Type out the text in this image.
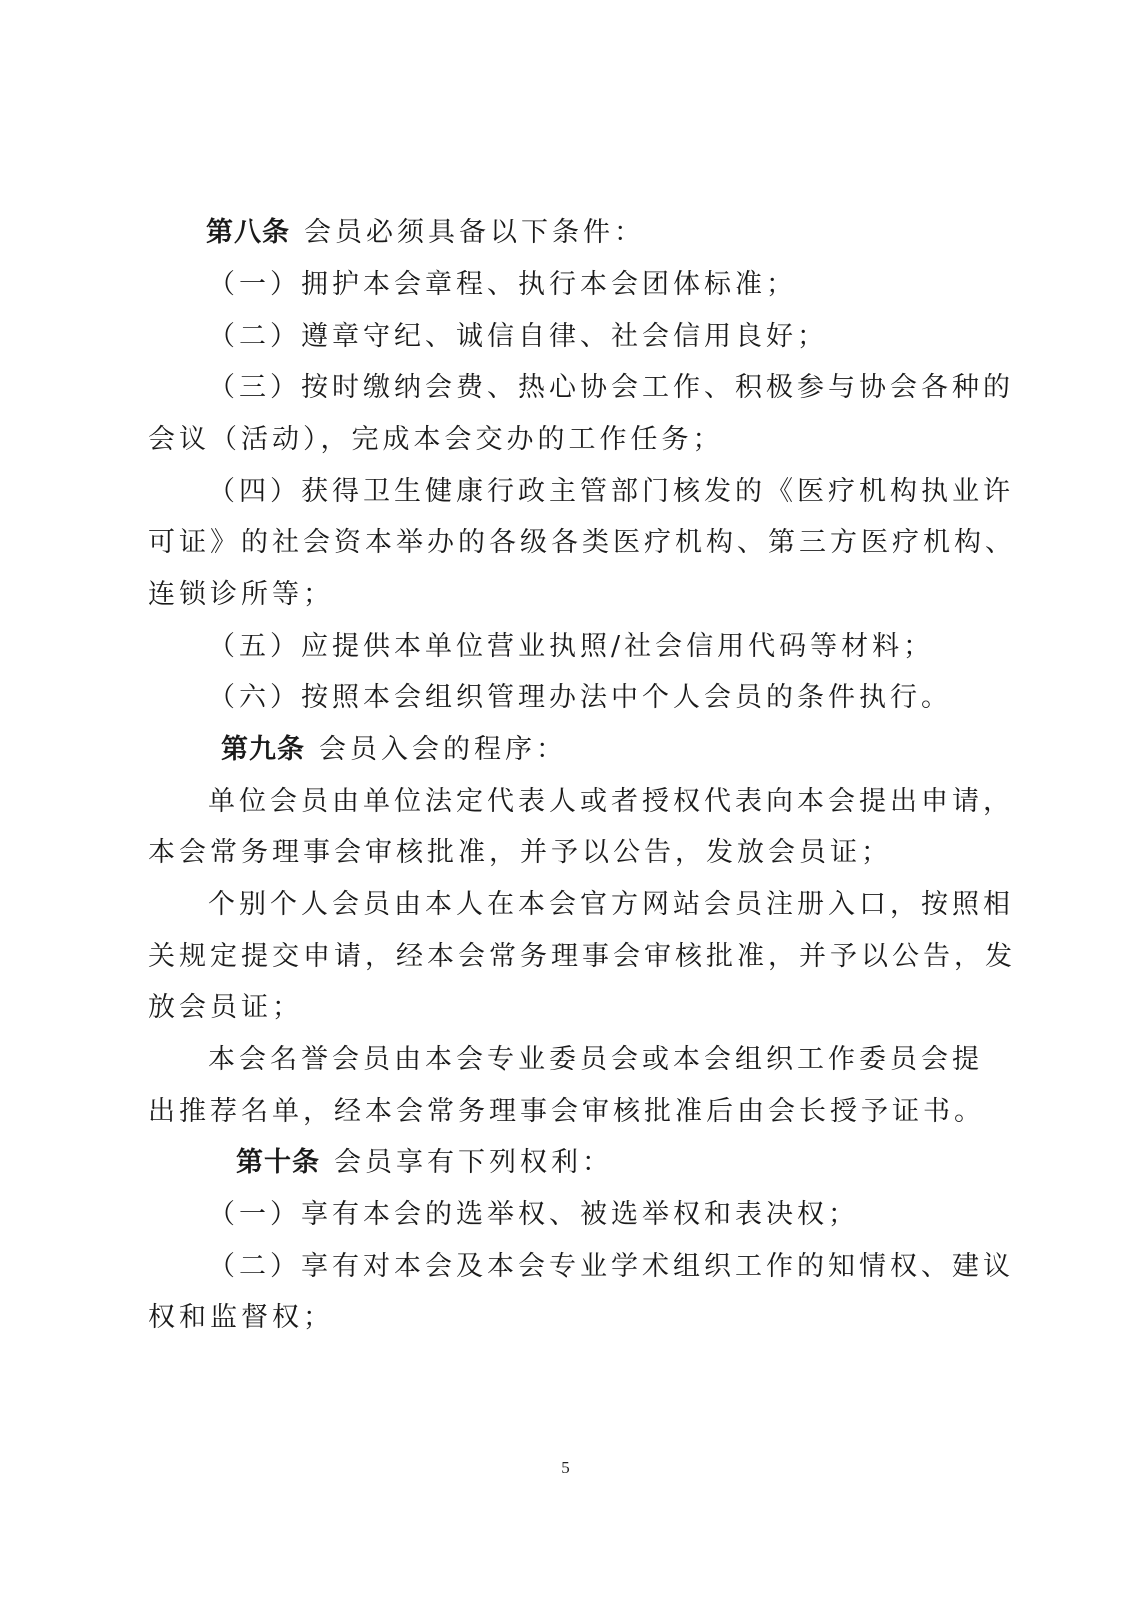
第八条 会员必须具备以下条件：

（一）拥护本会章程、执行本会团体标准；

（二）遵章守纪、诚信自律、社会信用良好；

（三）按时缴纳会费、热心协会工作、积极参与协会各种的

会议（活动），完成本会交办的工作任务；

（四）获得卫生健康行政主管部门核发的《医疗机构执业许

可证》的社会资本举办的各级各类医疗机构、第三方医疗机构、

连锁诊所等；

（五）应提供本单位营业执照/社会信用代码等材料；

（六）按照本会组织管理办法中个人会员的条件执行。

第九条 会员入会的程序：

单位会员由单位法定代表人或者授权代表向本会提出申请，

本会常务理事会审核批准，并予以公告，发放会员证；

个别个人会员由本人在本会官方网站会员注册入口，按照相

关规定提交申请，经本会常务理事会审核批准，并予以公告，发

放会员证；

本会名誉会员由本会专业委员会或本会组织工作委员会提

出推荐名单，经本会常务理事会审核批准后由会长授予证书。

第十条 会员享有下列权利：

（一）享有本会的选举权、被选举权和表决权；

（二）享有对本会及本会专业学术组织工作的知情权、建议

权和监督权；

5
